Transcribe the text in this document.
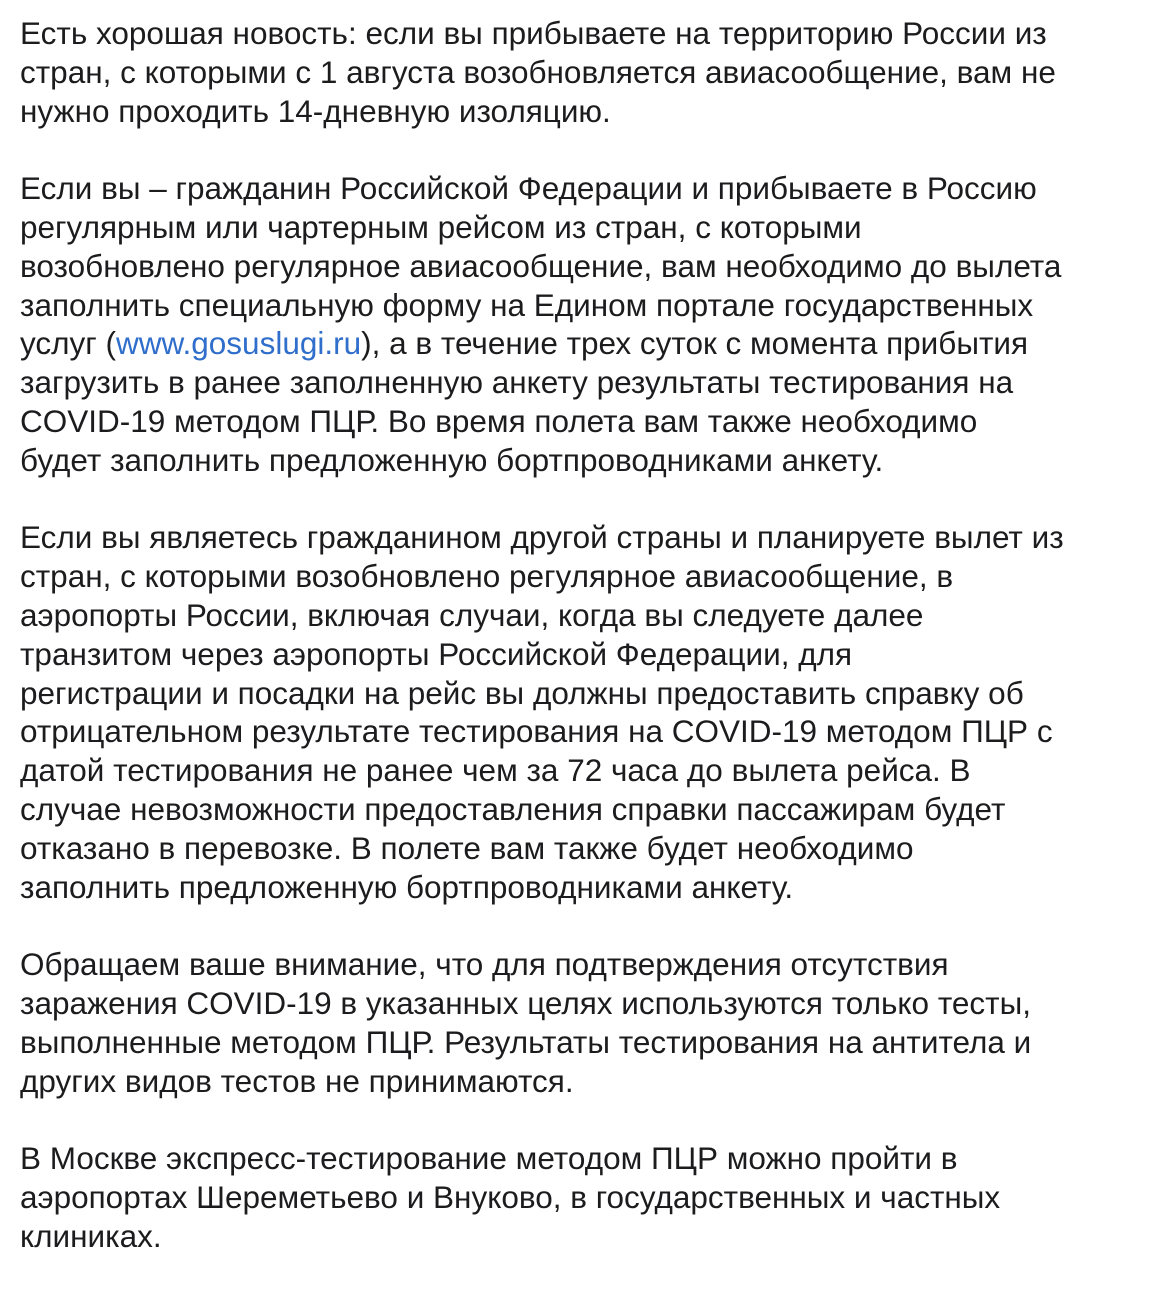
Есть хорошая новость: если вы прибываете на территорию России из
стран, с которыми с 1 августа возобновляется авиасообщение, вам не
нужно проходить 14-дневную изоляцию.
Если вы – гражданин Российской Федерации и прибываете в Россию
регулярным или чартерным рейсом из стран, с которыми
возобновлено регулярное авиасообщение, вам необходимо до вылета
заполнить специальную форму на Едином портале государственных
услуг (www.gosuslugi.ru), а в течение трех суток с момента прибытия
загрузить в ранее заполненную анкету результаты тестирования на
COVID-19 методом ПЦР. Во время полета вам также необходимо
будет заполнить предложенную бортпроводниками анкету.
Если вы являетесь гражданином другой страны и планируете вылет из
стран, с которыми возобновлено регулярное авиасообщение, в
аэропорты России, включая случаи, когда вы следуете далее
транзитом через аэропорты Российской Федерации, для
регистрации и посадки на рейс вы должны предоставить справку об
отрицательном результате тестирования на COVID-19 методом ПЦР с
датой тестирования не ранее чем за 72 часа до вылета рейса. В
случае невозможности предоставления справки пассажирам будет
отказано в перевозке. В полете вам также будет необходимо
заполнить предложенную бортпроводниками анкету.
Обращаем ваше внимание, что для подтверждения отсутствия
заражения COVID-19 в указанных целях используются только тесты,
выполненные методом ПЦР. Результаты тестирования на антитела и
других видов тестов не принимаются.
В Москве экспресс-тестирование методом ПЦР можно пройти в
аэропортах Шереметьево и Внуково, в государственных и частных
клиниках.
